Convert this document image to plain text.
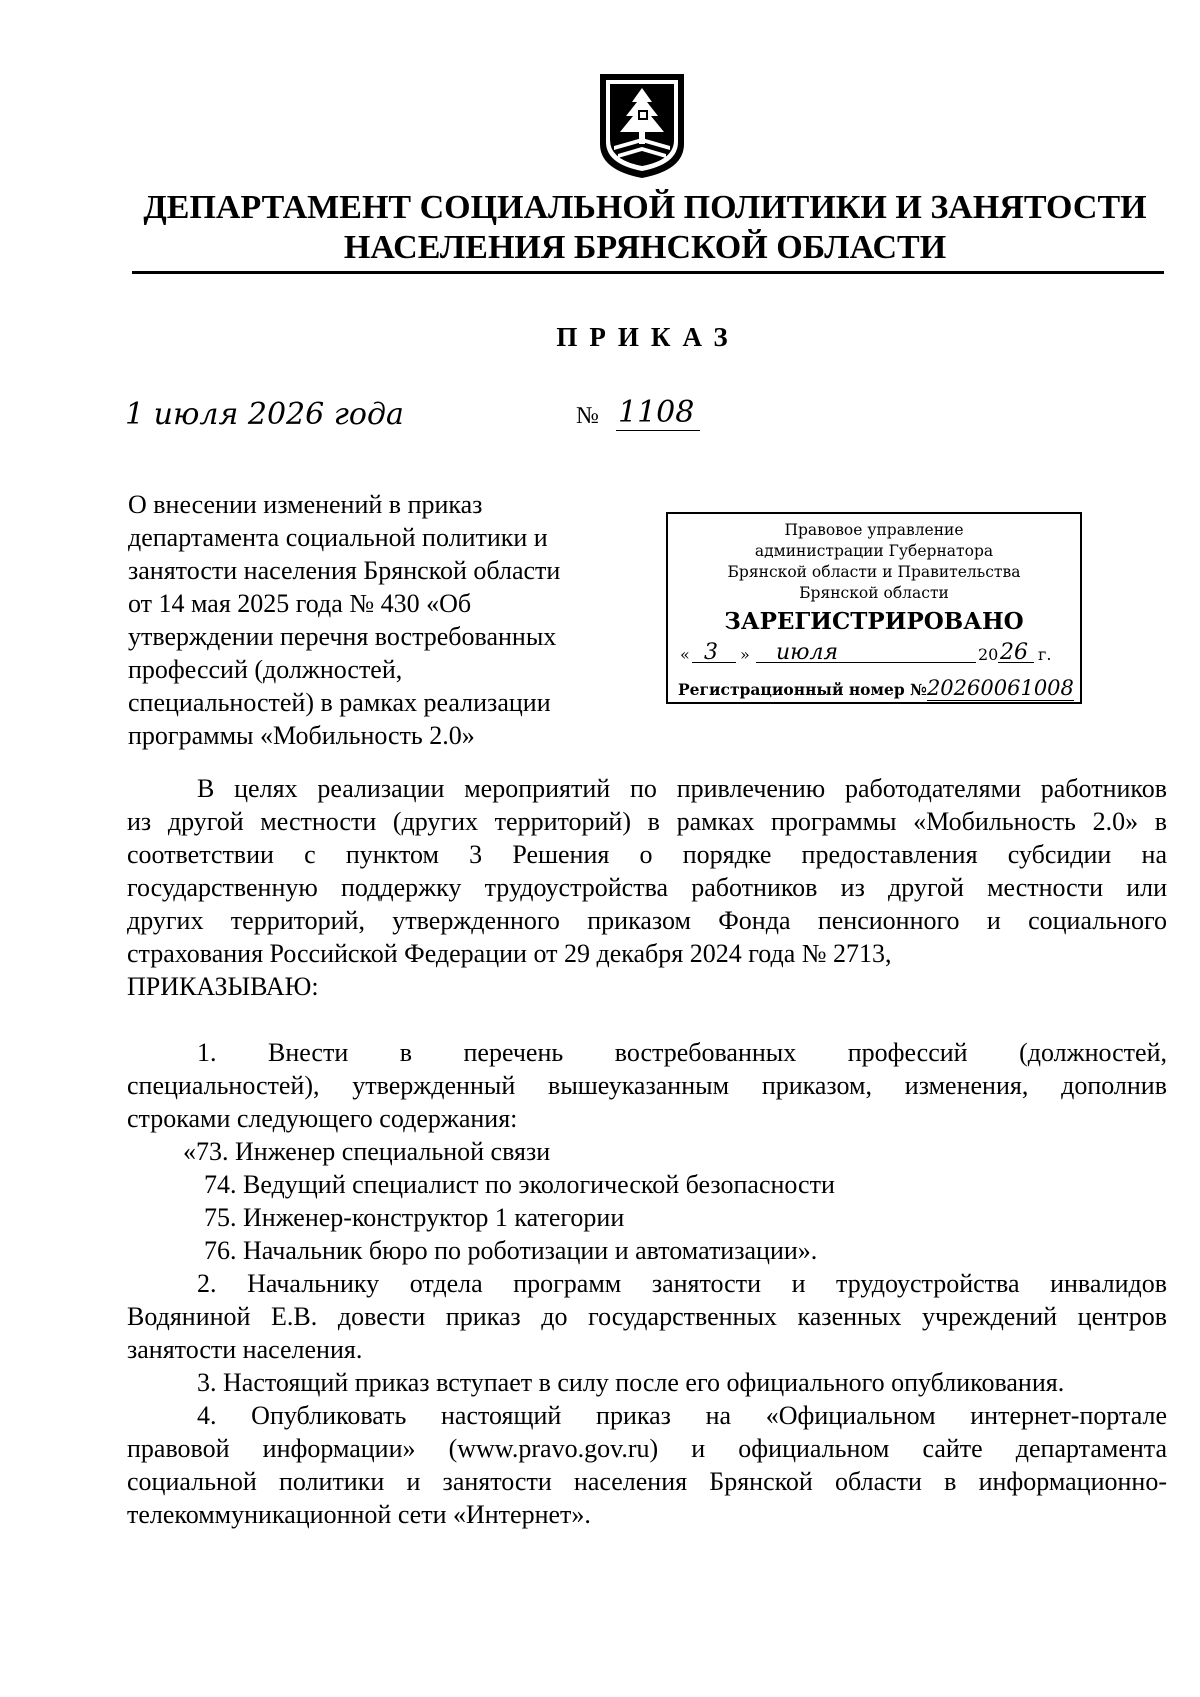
ДЕПАРТАМЕНТ СОЦИАЛЬНОЙ ПОЛИТИКИ И ЗАНЯТОСТИ
НАСЕЛЕНИЯ БРЯНСКОЙ ОБЛАСТИ
ПРИКАЗ
1 июля 2026 года	№ 1108
О внесении изменений в приказ
департамента социальной политики и
занятости населения Брянской области
от 14 мая 2025 года № 430 «Об
утверждении перечня востребованных
профессий (должностей,
специальностей) в рамках реализации
программы «Мобильность 2.0»
Правовое управление
администрации Губернатора
Брянской области и Правительства
Брянской области
ЗАРЕГИСТРИРОВАНО
« 3 » июля	20 26 г.
Регистрационный номер №20260061008
В целях реализации мероприятий по привлечению работодателями работников
из другой местности (других территорий) в рамках программы «Мобильность 2.0» в
соответствии с пунктом 3 Решения о порядке предоставления субсидии на
государственную поддержку трудоустройства работников из другой местности или
других территорий, утвержденного приказом Фонда пенсионного и социального
страхования Российской Федерации от 29 декабря 2024 года № 2713,
ПРИКАЗЫВАЮ:
1. Внести в перечень востребованных профессий (должностей,
специальностей), утвержденный вышеуказанным приказом, изменения, дополнив
строками следующего содержания:
«73. Инженер специальной связи
74. Ведущий специалист по экологической безопасности
75. Инженер-конструктор 1 категории
76. Начальник бюро по роботизации и автоматизации».
2. Начальнику отдела программ занятости и трудоустройства инвалидов
Водяниной Е.В. довести приказ до государственных казенных учреждений центров
занятости населения.
3. Настоящий приказ вступает в силу после его официального опубликования.
4. Опубликовать настоящий приказ на «Официальном интернет-портале
правовой информации» (www.pravo.gov.ru) и официальном сайте департамента
социальной политики и занятости населения Брянской области в информационно-
телекоммуникационной сети «Интернет».
